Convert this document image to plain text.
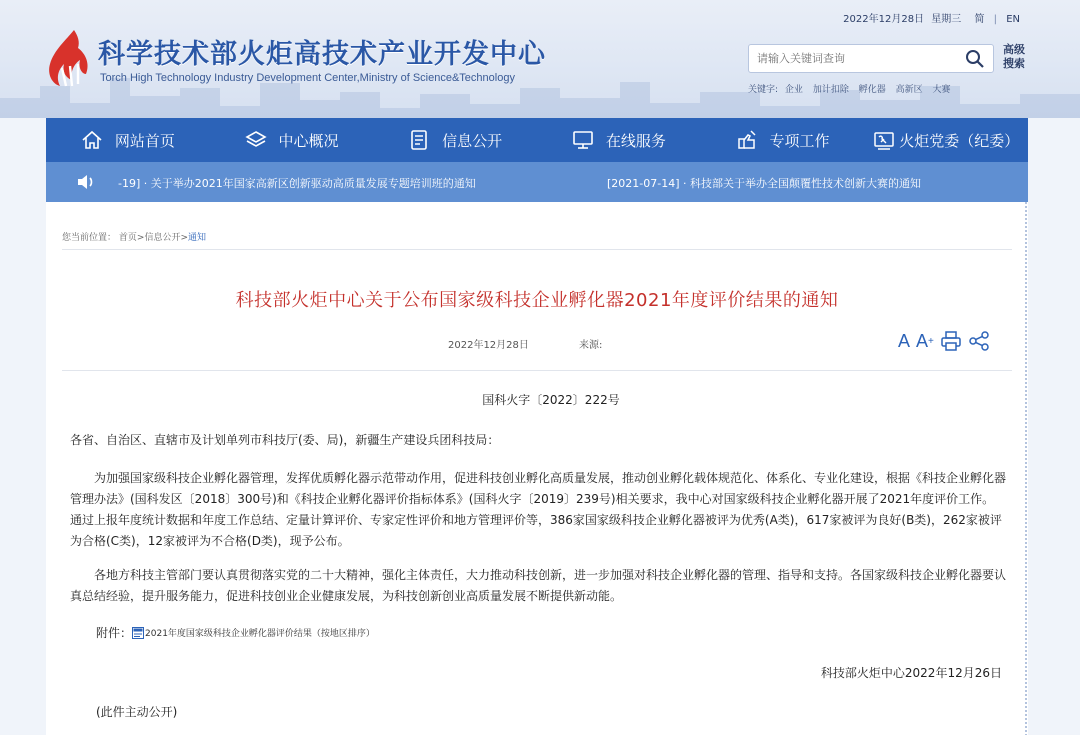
科学技术部火炬高技术产业开发中心
Torch High Technology Industry Development Center,Ministry of Science&Technology
2022年12月28日 星期三 简 | EN
请输入关键词查询
高级搜索
关键字: 企业 加计扣除 孵化器 高新区 大赛
网站首页	中心概况	信息公开	在线服务	专项工作	火炬党委（纪委）
-19] · 关于举办2021年国家高新区创新驱动高质量发展专题培训班的通知	[2021-07-14] · 科技部关于举办全国颠覆性技术创新大赛的通知
您当前位置： 首页>信息公开>通知
科技部火炬中心关于公布国家级科技企业孵化器2021年度评价结果的通知
2022年12月28日	来源:	A A +
国科火字〔2022〕222号
各省、自治区、直辖市及计划单列市科技厅(委、局)，新疆生产建设兵团科技局：
为加强国家级科技企业孵化器管理，发挥优质孵化器示范带动作用，促进科技创业孵化高质量发展，推动创业孵化载体规范化、体系化、专业化建设，根据《科技企业孵化器管理办法》(国科发区〔2018〕300号)和《科技企业孵化器评价指标体系》(国科火字〔2019〕239号)相关要求，我中心对国家级科技企业孵化器开展了2021年度评价工作。通过上报年度统计数据和年度工作总结、定量计算评价、专家定性评价和地方管理评价等，386家国家级科技企业孵化器被评为优秀(A类)，617家被评为良好(B类)，262家被评为合格(C类)，12家被评为不合格(D类)，现予公布。
各地方科技主管部门要认真贯彻落实党的二十大精神，强化主体责任，大力推动科技创新，进一步加强对科技企业孵化器的管理、指导和支持。各国家级科技企业孵化器要认真总结经验，提升服务能力，促进科技创业企业健康发展，为科技创新创业高质量发展不断提供新动能。
附件： 2021年度国家级科技企业孵化器评价结果（按地区排序）
科技部火炬中心2022年12月26日
(此件主动公开)
